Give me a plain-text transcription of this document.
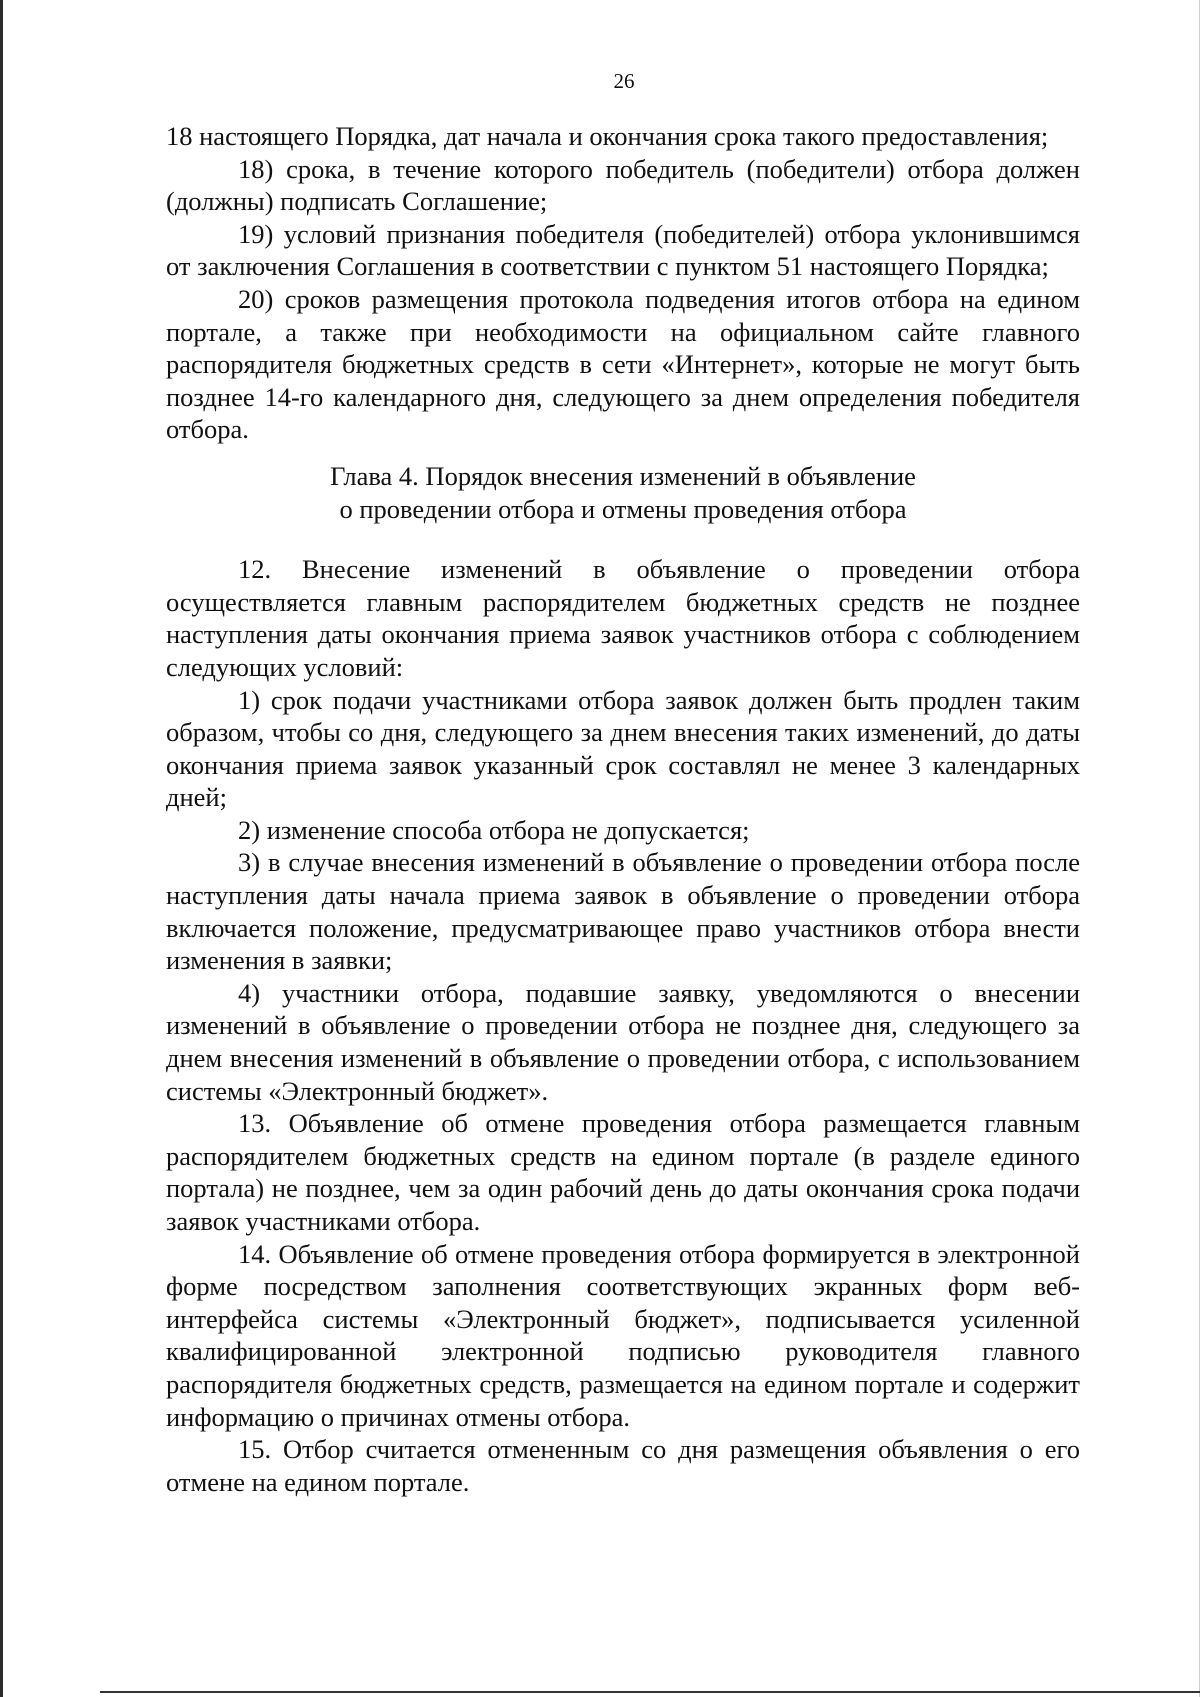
26

18 настоящего Порядка, дат начала и окончания срока такого предоставления;

18) срока, в течение которого победитель (победители) отбора должен (должны) подписать Соглашение;

19) условий признания победителя (победителей) отбора уклонившимся от заключения Соглашения в соответствии с пунктом 51 настоящего Порядка;

20) сроков размещения протокола подведения итогов отбора на едином портале, а также при необходимости на официальном сайте главного распорядителя бюджетных средств в сети «Интернет», которые не могут быть позднее 14-го календарного дня, следующего за днем определения победителя отбора.

Глава 4. Порядок внесения изменений в объявление
о проведении отбора и отмены проведения отбора

12. Внесение изменений в объявление о проведении отбора осуществляется главным распорядителем бюджетных средств не позднее наступления даты окончания приема заявок участников отбора с соблюдением следующих условий:

1) срок подачи участниками отбора заявок должен быть продлен таким образом, чтобы со дня, следующего за днем внесения таких изменений, до даты окончания приема заявок указанный срок составлял не менее 3 календарных дней;

2) изменение способа отбора не допускается;

3) в случае внесения изменений в объявление о проведении отбора после наступления даты начала приема заявок в объявление о проведении отбора включается положение, предусматривающее право участников отбора внести изменения в заявки;

4) участники отбора, подавшие заявку, уведомляются о внесении изменений в объявление о проведении отбора не позднее дня, следующего за днем внесения изменений в объявление о проведении отбора, с использованием системы «Электронный бюджет».

13. Объявление об отмене проведения отбора размещается главным распорядителем бюджетных средств на едином портале (в разделе единого портала) не позднее, чем за один рабочий день до даты окончания срока подачи заявок участниками отбора.

14. Объявление об отмене проведения отбора формируется в электронной форме посредством заполнения соответствующих экранных форм веб-интерфейса системы «Электронный бюджет», подписывается усиленной квалифицированной электронной подписью руководителя главного распорядителя бюджетных средств, размещается на едином портале и содержит информацию о причинах отмены отбора.

15. Отбор считается отмененным со дня размещения объявления о его отмене на едином портале.
